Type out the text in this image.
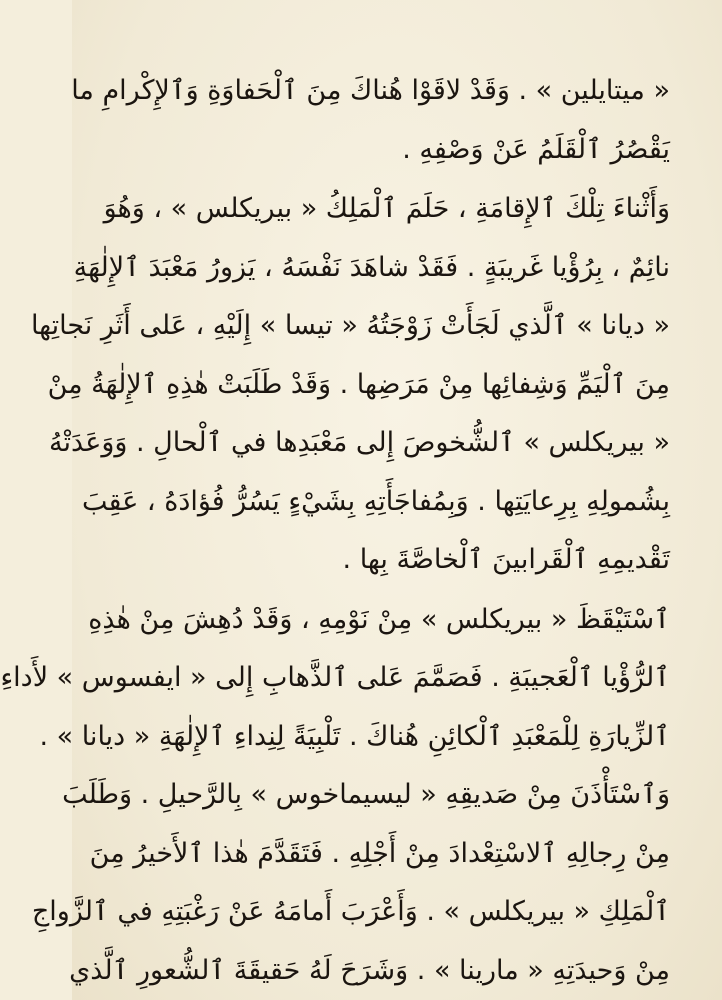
« ميتايلين » . وَقَدْ لاقَوْا هُناكَ مِنَ ٱلْحَفاوَةِ وَٱلإِكْرامِ ما
يَقْصُرُ ٱلْقَلَمُ عَنْ وَصْفِهِ .
وَأَثْناءَ تِلْكَ ٱلإِقامَةِ ، حَلَمَ ٱلْمَلِكُ « بيريكلس » ، وَهُوَ
نائِمٌ ، بِرُؤْيا غَريبَةٍ . فَقَدْ شاهَدَ نَفْسَهُ ، يَزورُ مَعْبَدَ ٱلإِلٰهَةِ
« ديانا » ٱلَّذي لَجَأَتْ زَوْجَتُهُ « تيسا » إِلَيْهِ ، عَلى أَثَرِ نَجاتِها
مِنَ ٱلْيَمِّ وَشِفائِها مِنْ مَرَضِها . وَقَدْ طَلَبَتْ هٰذِهِ ٱلإِلٰهَةُ مِنْ
« بيريكلس » ٱلشُّخوصَ إِلى مَعْبَدِها في ٱلْحالِ . وَوَعَدَتْهُ
بِشُمولِهِ بِرِعايَتِها . وَبِمُفاجَأَتِهِ بِشَيْءٍ يَسُرُّ فُؤادَهُ ، عَقِبَ
تَقْديمِهِ ٱلْقَرابينَ ٱلْخاصَّةَ بِها .
ٱسْتَيْقَظَ « بيريكلس » مِنْ نَوْمِهِ ، وَقَدْ دُهِشَ مِنْ هٰذِهِ
ٱلرُّؤْيا ٱلْعَجيبَةِ . فَصَمَّمَ عَلى ٱلذَّهابِ إِلى « ايفسوس » لأَداءِ
ٱلزِّيارَةِ لِلْمَعْبَدِ ٱلْكائِنِ هُناكَ . تَلْبِيَةً لِنِداءِ ٱلإِلٰهَةِ « ديانا » .
وَٱسْتَأْذَنَ مِنْ صَديقِهِ « ليسيماخوس » بِالرَّحيلِ . وَطَلَبَ
مِنْ رِجالِهِ ٱلاسْتِعْدادَ مِنْ أَجْلِهِ . فَتَقَدَّمَ هٰذا ٱلأَخيرُ مِنَ
ٱلْمَلِكِ « بيريكلس » . وَأَعْرَبَ أَمامَهُ عَنْ رَغْبَتِهِ في ٱلزَّواجِ
مِنْ وَحيدَتِهِ « مارينا » . وَشَرَحَ لَهُ حَقيقَةَ ٱلشُّعورِ ٱلَّذي
